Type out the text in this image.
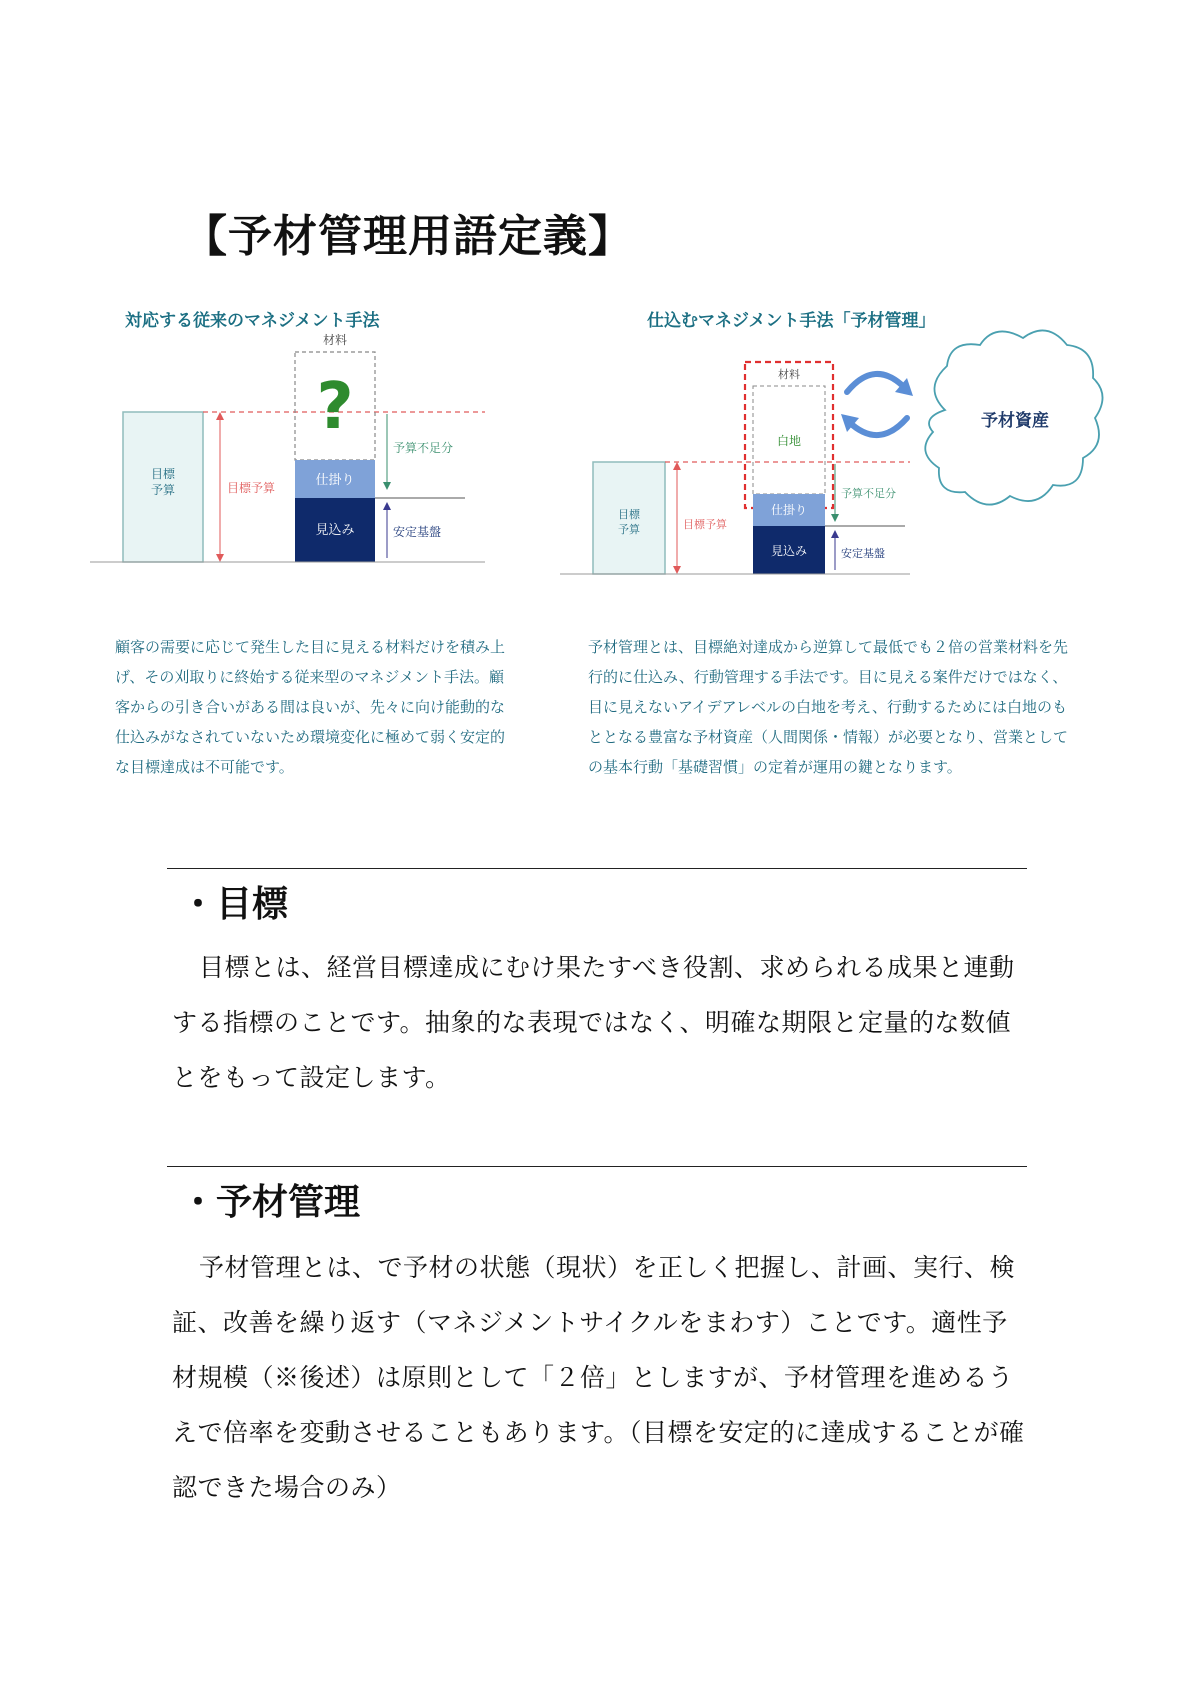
【予材管理用語定義】
対応する従来のマネジメント手法
目標
予算	目標予算
材料
?
仕掛り
見込み
予算不足分
安定基盤

顧客の需要に応じて発生した目に見える材料だけを積み上げ、その刈取りに終始する従来型のマネジメント手法。顧客からの引き合いがある間は良いが、先々に向け能動的な仕込みがなされていないため環境変化に極めて弱く安定的な目標達成は不可能です。

仕込むマネジメント手法「予材管理」
目標
予算	目標予算
材料
白地
仕掛り
見込み
予算不足分
安定基盤
予材資産

予材管理とは、目標絶対達成から逆算して最低でも２倍の営業材料を先行的に仕込み、行動管理する手法です。目に見える案件だけではなく、目に見えないアイデアレベルの白地を考え、行動するためには白地のもととなる豊富な予材資産（人間関係・情報）が必要となり、営業としての基本行動「基礎習慣」の定着が運用の鍵となります。

・目標

目標とは、経営目標達成にむけ果たすべき役割、求められる成果と連動する指標のことです。抽象的な表現ではなく、明確な期限と定量的な数値とをもって設定します。

・予材管理

予材管理とは、で予材の状態（現状）を正しく把握し、計画、実行、検証、改善を繰り返す（マネジメントサイクルをまわす）ことです。適性予材規模（※後述）は原則として「２倍」としますが、予材管理を進めるうえで倍率を変動させることもあります。（目標を安定的に達成することが確認できた場合のみ）
